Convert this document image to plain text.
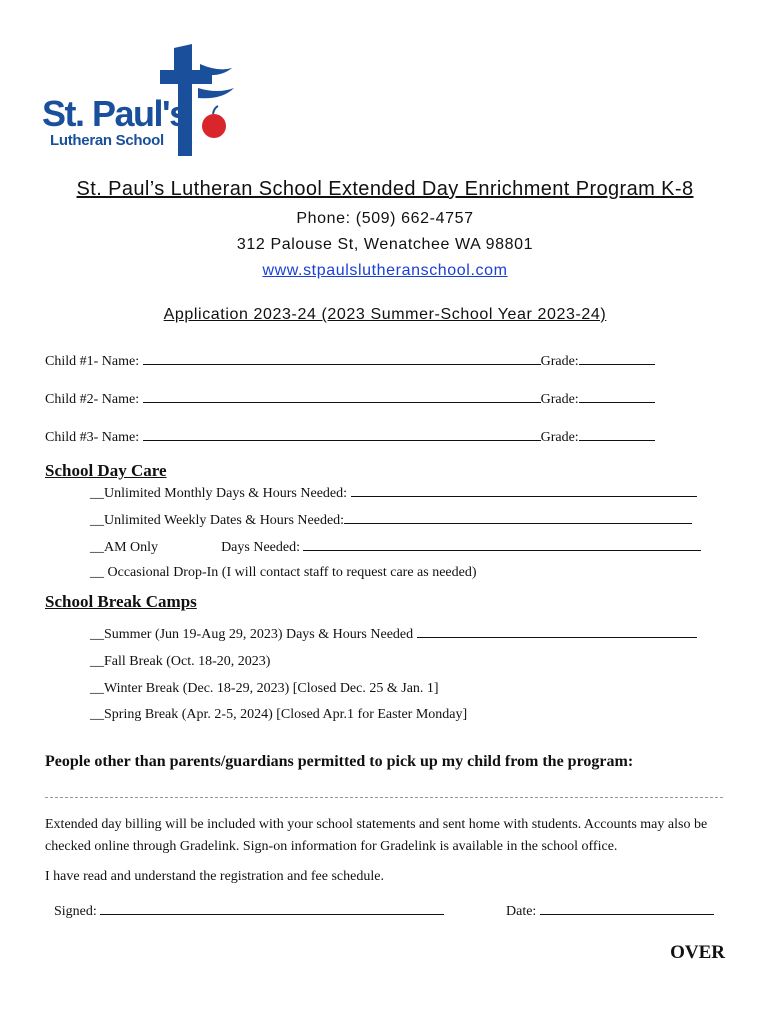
St. Paul's
Lutheran School
St. Paul’s Lutheran School Extended Day Enrichment Program K-8
Phone: (509) 662-4757
312 Palouse St, Wenatchee WA 98801
www.stpaulslutheranschool.com
Application 2023-24 (2023 Summer-School Year 2023-24)
Child #1- Name:	Grade:
Child #2- Name:	Grade:
Child #3- Name:	Grade:
School Day Care
__Unlimited Monthly Days & Hours Needed:
__Unlimited Weekly Dates & Hours Needed:
__AM Only	Days Needed:
__ Occasional Drop-In (I will contact staff to request care as needed)
School Break Camps
__Summer (Jun 19-Aug 29, 2023) Days & Hours Needed
__Fall Break (Oct. 18-20, 2023)
__Winter Break (Dec. 18-29, 2023) [Closed Dec. 25 & Jan. 1]
__Spring Break (Apr. 2-5, 2024) [Closed Apr.1 for Easter Monday]
People other than parents/guardians permitted to pick up my child from the program:
Extended day billing will be included with your school statements and sent home with students. Accounts may also be checked online through Gradelink. Sign-on information for Gradelink is available in the school office.
I have read and understand the registration and fee schedule.
Signed:	Date:
OVER
